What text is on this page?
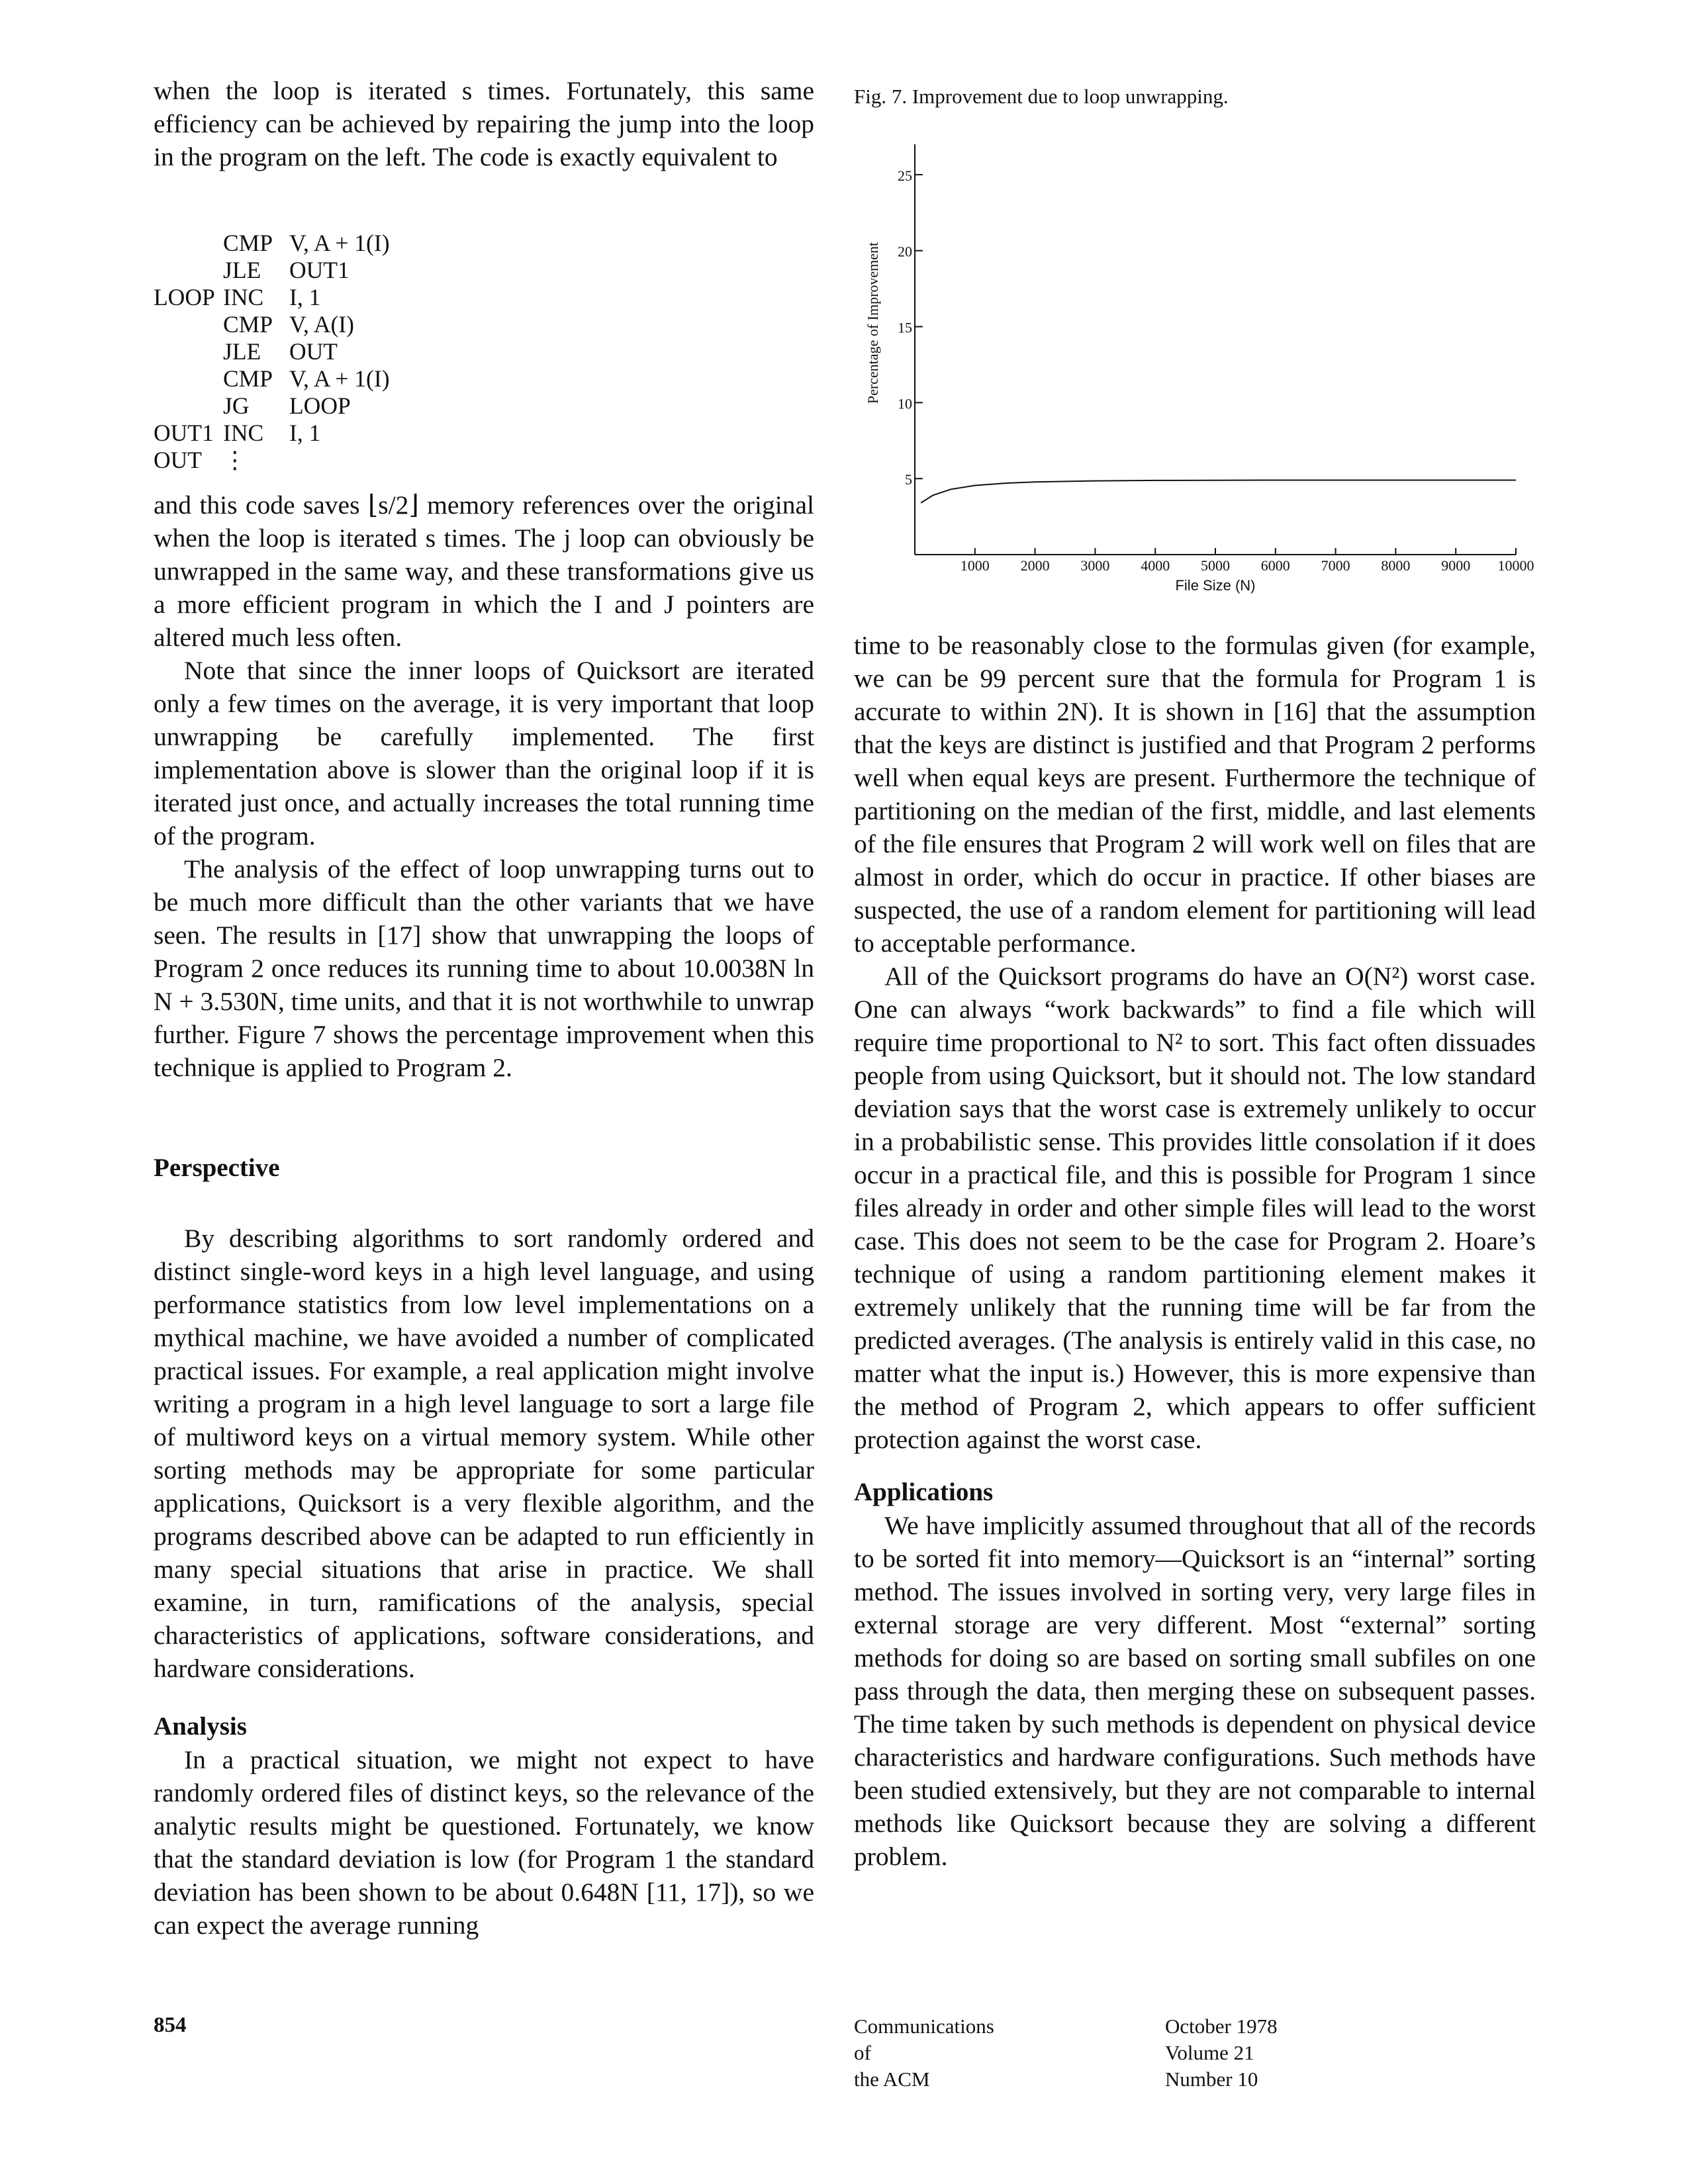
when the loop is iterated s times. Fortunately, this same efficiency can be achieved by repairing the jump into the loop in the program on the left. The code is exactly equivalent to

CMP V, A + 1(I)
JLE OUT1
LOOP INC I, 1
CMP V, A(I)
JLE OUT
CMP V, A + 1(I)
JG LOOP
OUT1 INC I, 1
OUT ⋮

and this code saves ⌊s/2⌋ memory references over the original when the loop is iterated s times. The j loop can obviously be unwrapped in the same way, and these transformations give us a more efficient program in which the I and J pointers are altered much less often.

Note that since the inner loops of Quicksort are iterated only a few times on the average, it is very important that loop unwrapping be carefully implemented. The first implementation above is slower than the original loop if it is iterated just once, and actually increases the total running time of the program.

The analysis of the effect of loop unwrapping turns out to be much more difficult than the other variants that we have seen. The results in [17] show that unwrapping the loops of Program 2 once reduces its running time to about 10.0038N ln N + 3.530N, time units, and that it is not worthwhile to unwrap further. Figure 7 shows the percentage improvement when this technique is applied to Program 2.

Perspective

By describing algorithms to sort randomly ordered and distinct single-word keys in a high level language, and using performance statistics from low level implementations on a mythical machine, we have avoided a number of complicated practical issues. For example, a real application might involve writing a program in a high level language to sort a large file of multiword keys on a virtual memory system. While other sorting methods may be appropriate for some particular applications, Quicksort is a very flexible algorithm, and the programs described above can be adapted to run efficiently in many special situations that arise in practice. We shall examine, in turn, ramifications of the analysis, special characteristics of applications, software considerations, and hardware considerations.

Analysis

In a practical situation, we might not expect to have randomly ordered files of distinct keys, so the relevance of the analytic results might be questioned. Fortunately, we know that the standard deviation is low (for Program 1 the standard deviation has been shown to be about 0.648N [11, 17]), so we can expect the average running

Fig. 7. Improvement due to loop unwrapping.
5
10
15
20
25
1000 2000 3000 4000 5000 6000 7000 8000 9000 10000
File Size (N)
Percentage of Improvement

time to be reasonably close to the formulas given (for example, we can be 99 percent sure that the formula for Program 1 is accurate to within 2N). It is shown in [16] that the assumption that the keys are distinct is justified and that Program 2 performs well when equal keys are present. Furthermore the technique of partitioning on the median of the first, middle, and last elements of the file ensures that Program 2 will work well on files that are almost in order, which do occur in practice. If other biases are suspected, the use of a random element for partitioning will lead to acceptable performance.

All of the Quicksort programs do have an O(N²) worst case. One can always “work backwards” to find a file which will require time proportional to N² to sort. This fact often dissuades people from using Quicksort, but it should not. The low standard deviation says that the worst case is extremely unlikely to occur in a probabilistic sense. This provides little consolation if it does occur in a practical file, and this is possible for Program 1 since files already in order and other simple files will lead to the worst case. This does not seem to be the case for Program 2. Hoare’s technique of using a random partitioning element makes it extremely unlikely that the running time will be far from the predicted averages. (The analysis is entirely valid in this case, no matter what the input is.) However, this is more expensive than the method of Program 2, which appears to offer sufficient protection against the worst case.

Applications

We have implicitly assumed throughout that all of the records to be sorted fit into memory—Quicksort is an “internal” sorting method. The issues involved in sorting very, very large files in external storage are very different. Most “external” sorting methods for doing so are based on sorting small subfiles on one pass through the data, then merging these on subsequent passes. The time taken by such methods is dependent on physical device characteristics and hardware configurations. Such methods have been studied extensively, but they are not comparable to internal methods like Quicksort because they are solving a different problem.

854	Communications
of
the ACM
October 1978
Volume 21
Number 10
